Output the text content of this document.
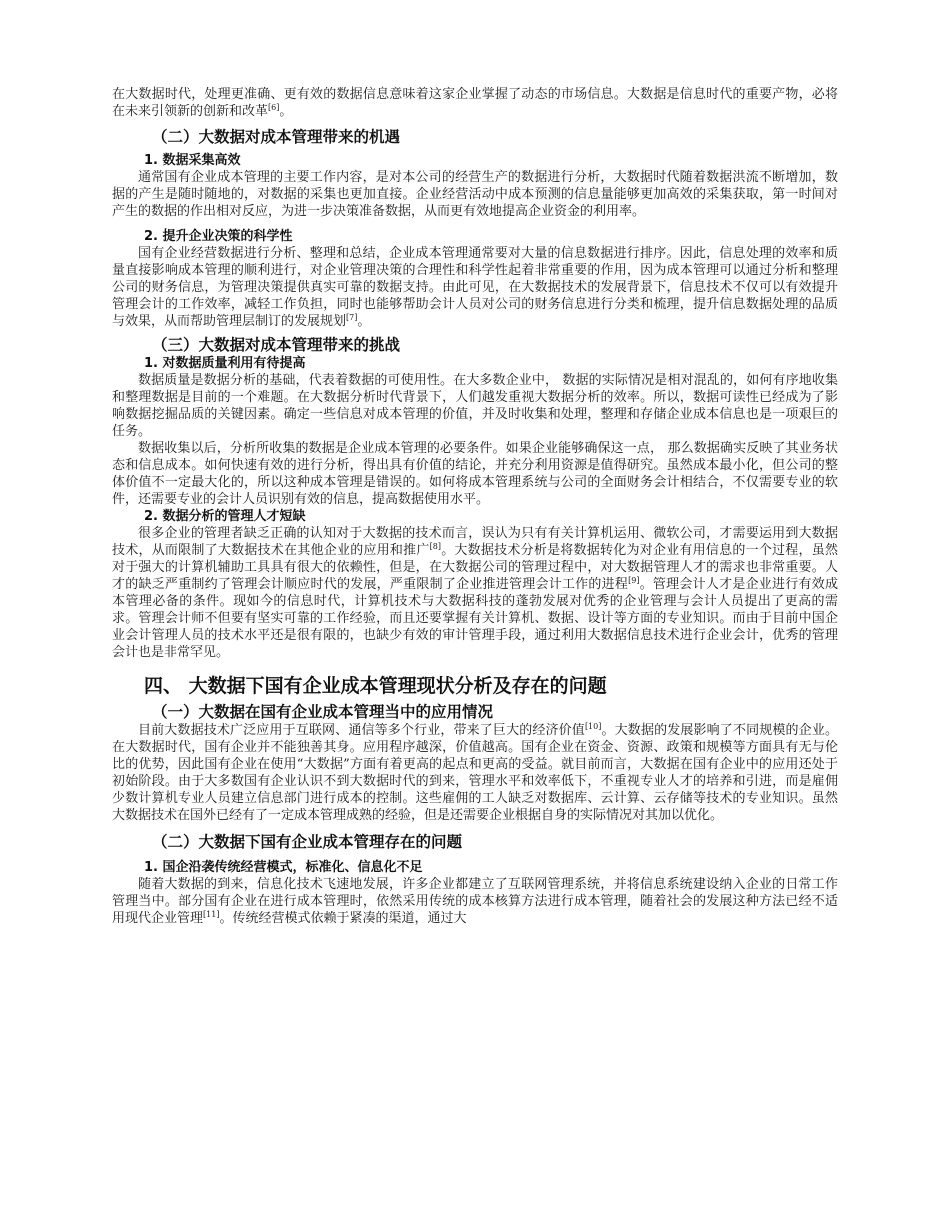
在大数据时代，处理更准确、更有效的数据信息意味着这家企业掌握了动态的市场信息。大数据是信息时代的重要产物，必将在未来引领新的创新和改革[6]。

（二）大数据对成本管理带来的机遇
1. 数据采集高效

通常国有企业成本管理的主要工作内容，是对本公司的经营生产的数据进行分析，大数据时代随着数据洪流不断增加，数据的产生是随时随地的，对数据的采集也更加直接。企业经营活动中成本预测的信息量能够更加高效的采集获取，第一时间对产生的数据的作出相对反应，为进一步决策准备数据，从而更有效地提高企业资金的利用率。

2. 提升企业决策的科学性

国有企业经营数据进行分析、整理和总结，企业成本管理通常要对大量的信息数据进行排序。因此，信息处理的效率和质量直接影响成本管理的顺利进行，对企业管理决策的合理性和科学性起着非常重要的作用，因为成本管理可以通过分析和整理公司的财务信息，为管理决策提供真实可靠的数据支持。由此可见，在大数据技术的发展背景下，信息技术不仅可以有效提升管理会计的工作效率，减轻工作负担，同时也能够帮助会计人员对公司的财务信息进行分类和梳理，提升信息数据处理的品质与效果，从而帮助管理层制订的发展规划[7]。

（三）大数据对成本管理带来的挑战
1. 对数据质量利用有待提高

数据质量是数据分析的基础，代表着数据的可使用性。在大多数企业中， 数据的实际情况是相对混乱的，如何有序地收集和整理数据是目前的一个难题。在大数据分析时代背景下，人们越发重视大数据分析的效率。所以，数据可读性已经成为了影响数据挖掘品质的关键因素。确定一些信息对成本管理的价值，并及时收集和处理，整理和存储企业成本信息也是一项艰巨的任务。

数据收集以后，分析所收集的数据是企业成本管理的必要条件。如果企业能够确保这一点， 那么数据确实反映了其业务状态和信息成本。如何快速有效的进行分析，得出具有价值的结论，并充分利用资源是值得研究。虽然成本最小化，但公司的整体价值不一定最大化的，所以这种成本管理是错误的。如何将成本管理系统与公司的全面财务会计相结合，不仅需要专业的软件，还需要专业的会计人员识别有效的信息，提高数据使用水平。

2. 数据分析的管理人才短缺

很多企业的管理者缺乏正确的认知对于大数据的技术而言，误认为只有有关计算机运用、微软公司，才需要运用到大数据技术，从而限制了大数据技术在其他企业的应用和推广[8]。大数据技术分析是将数据转化为对企业有用信息的一个过程，虽然对于强大的计算机辅助工具具有很大的依赖性，但是，在大数据公司的管理过程中，对大数据管理人才的需求也非常重要。人才的缺乏严重制约了管理会计顺应时代的发展，严重限制了企业推进管理会计工作的进程[9]。管理会计人才是企业进行有效成本管理必备的条件。现如今的信息时代，计算机技术与大数据科技的蓬勃发展对优秀的企业管理与会计人员提出了更高的需求。管理会计师不但要有坚实可靠的工作经验，而且还要掌握有关计算机、数据、设计等方面的专业知识。而由于目前中国企业会计管理人员的技术水平还是很有限的，也缺少有效的审计管理手段，通过利用大数据信息技术进行企业会计，优秀的管理会计也是非常罕见。

四、 大数据下国有企业成本管理现状分析及存在的问题
（一）大数据在国有企业成本管理当中的应用情况

目前大数据技术广泛应用于互联网、通信等多个行业，带来了巨大的经济价值[10]。大数据的发展影响了不同规模的企业。在大数据时代，国有企业并不能独善其身。应用程序越深，价值越高。国有企业在资金、资源、政策和规模等方面具有无与伦比的优势，因此国有企业在使用“大数据”方面有着更高的起点和更高的受益。就目前而言，大数据在国有企业中的应用还处于初始阶段。由于大多数国有企业认识不到大数据时代的到来，管理水平和效率低下，不重视专业人才的培养和引进，而是雇佣少数计算机专业人员建立信息部门进行成本的控制。这些雇佣的工人缺乏对数据库、云计算、云存储等技术的专业知识。虽然大数据技术在国外已经有了一定成本管理成熟的经验，但是还需要企业根据自身的实际情况对其加以优化。

（二）大数据下国有企业成本管理存在的问题
1. 国企沿袭传统经营模式，标准化、信息化不足

随着大数据的到来，信息化技术飞速地发展，许多企业都建立了互联网管理系统，并将信息系统建设纳入企业的日常工作管理当中。部分国有企业在进行成本管理时，依然采用传统的成本核算方法进行成本管理，随着社会的发展这种方法已经不适用现代企业管理[11]。传统经营模式依赖于紧凑的渠道，通过大
